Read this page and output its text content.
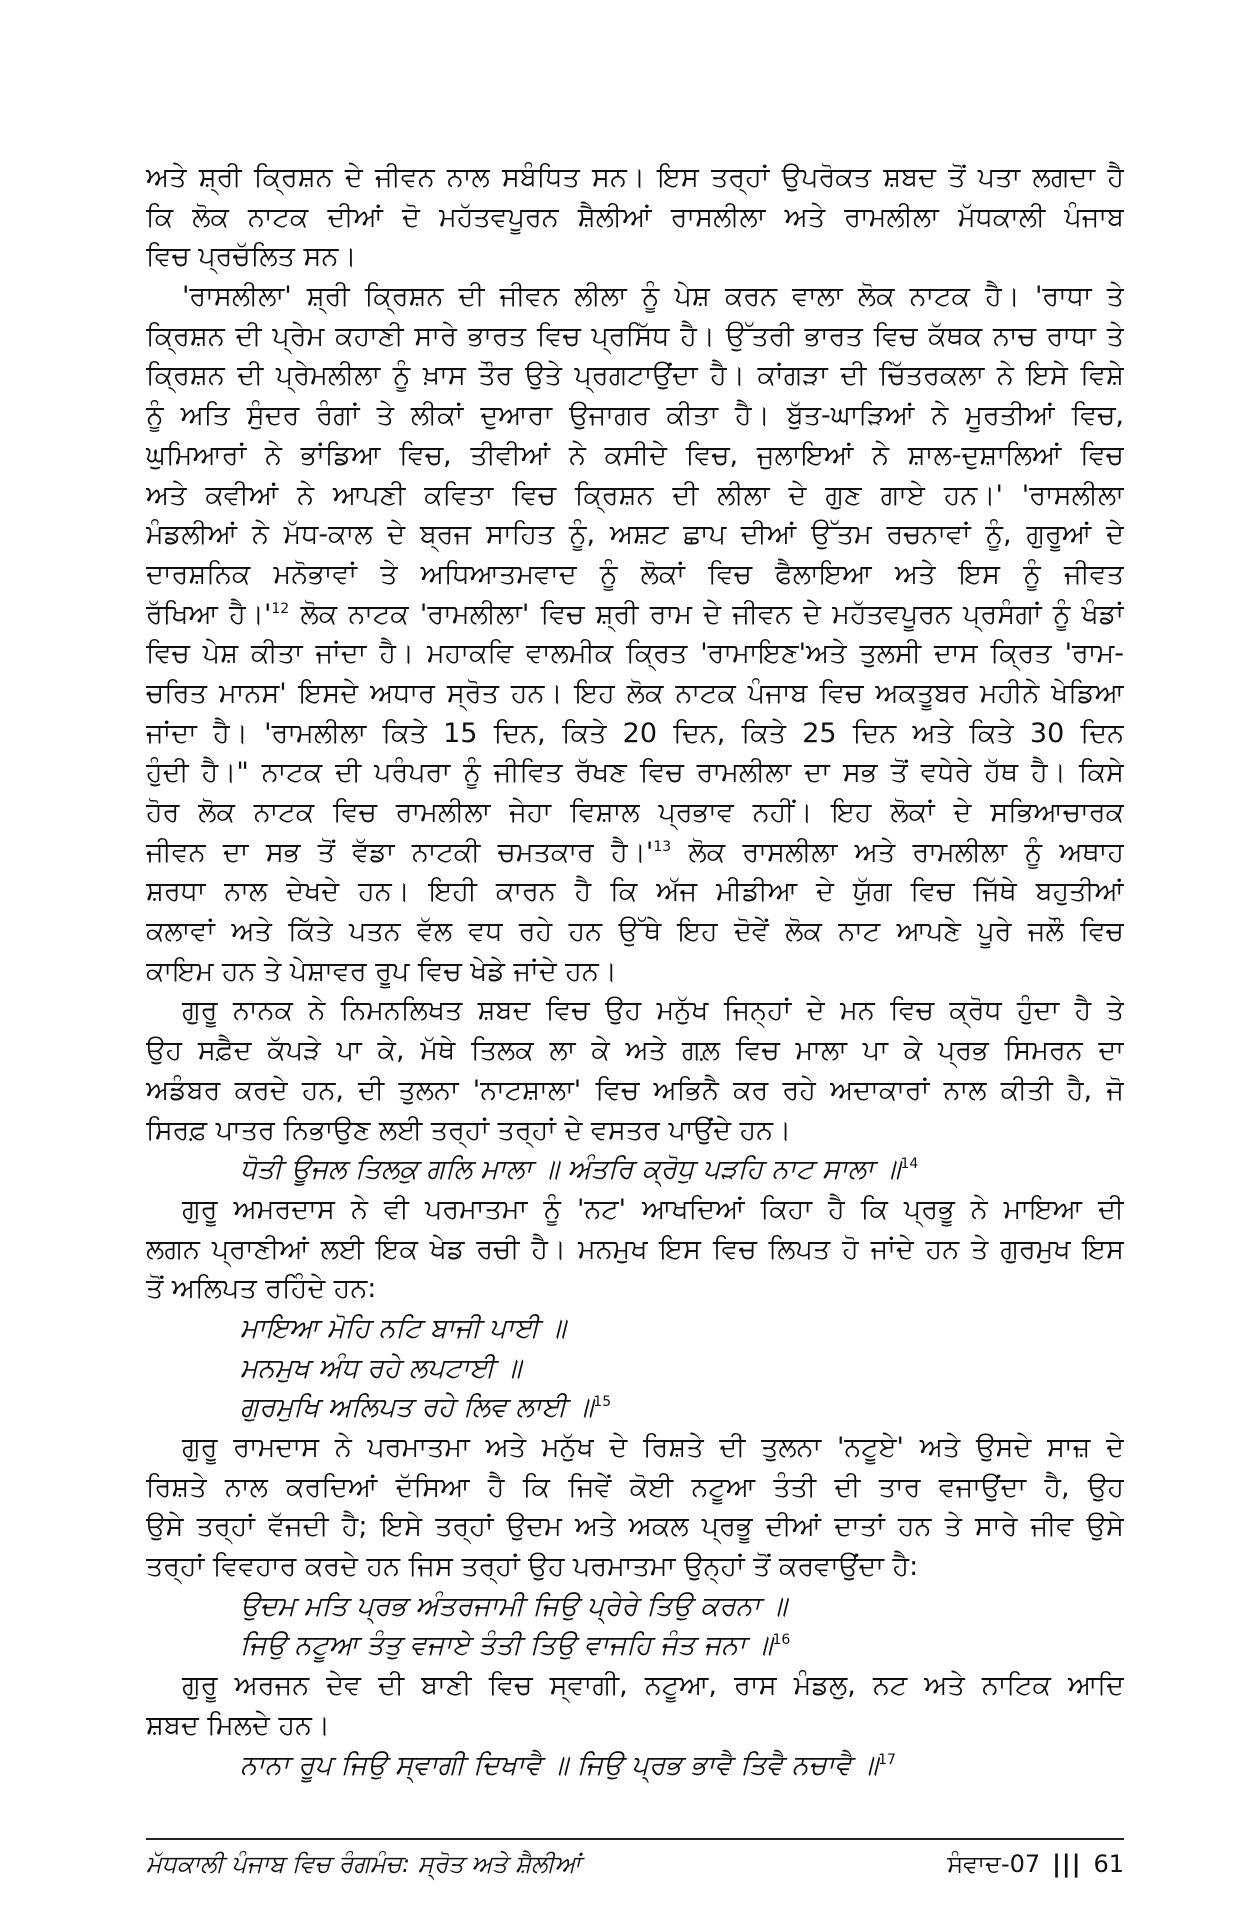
ਅਤੇ ਸ਼੍ਰੀ ਕ੍ਰਿਸ਼ਨ ਦੇ ਜੀਵਨ ਨਾਲ ਸਬੰਧਿਤ ਸਨ। ਇਸ ਤਰ੍ਹਾਂ ਉਪਰੋਕਤ ਸ਼ਬਦ ਤੋਂ ਪਤਾ ਲਗਦਾ ਹੈ
ਕਿ ਲੋਕ ਨਾਟਕ ਦੀਆਂ ਦੋ ਮਹੱਤਵਪੂਰਨ ਸ਼ੈਲੀਆਂ ਰਾਸਲੀਲਾ ਅਤੇ ਰਾਮਲੀਲਾ ਮੱਧਕਾਲੀ ਪੰਜਾਬ
ਵਿਚ ਪ੍ਰਚੱਲਿਤ ਸਨ।
'ਰਾਸਲੀਲਾ' ਸ਼੍ਰੀ ਕ੍ਰਿਸ਼ਨ ਦੀ ਜੀਵਨ ਲੀਲਾ ਨੂੰ ਪੇਸ਼ ਕਰਨ ਵਾਲਾ ਲੋਕ ਨਾਟਕ ਹੈ। 'ਰਾਧਾ ਤੇ
ਕ੍ਰਿਸ਼ਨ ਦੀ ਪ੍ਰੇਮ ਕਹਾਣੀ ਸਾਰੇ ਭਾਰਤ ਵਿਚ ਪ੍ਰਸਿੱਧ ਹੈ। ਉੱਤਰੀ ਭਾਰਤ ਵਿਚ ਕੱਥਕ ਨਾਚ ਰਾਧਾ ਤੇ
ਕ੍ਰਿਸ਼ਨ ਦੀ ਪ੍ਰੇਮਲੀਲਾ ਨੂੰ ਖ਼ਾਸ ਤੌਰ ਉਤੇ ਪ੍ਰਗਟਾਉਂਦਾ ਹੈ। ਕਾਂਗੜਾ ਦੀ ਚਿੱਤਰਕਲਾ ਨੇ ਇਸੇ ਵਿਸ਼ੇ
ਨੂੰ ਅਤਿ ਸੁੰਦਰ ਰੰਗਾਂ ਤੇ ਲੀਕਾਂ ਦੁਆਰਾ ਉਜਾਗਰ ਕੀਤਾ ਹੈ। ਬੁੱਤ-ਘਾੜਿਆਂ ਨੇ ਮੂਰਤੀਆਂ ਵਿਚ,
ਘੁਮਿਆਰਾਂ ਨੇ ਭਾਂਡਿਆ ਵਿਚ, ਤੀਵੀਆਂ ਨੇ ਕਸੀਦੇ ਵਿਚ, ਜੁਲਾਇਆਂ ਨੇ ਸ਼ਾਲ-ਦੁਸ਼ਾਲਿਆਂ ਵਿਚ
ਅਤੇ ਕਵੀਆਂ ਨੇ ਆਪਣੀ ਕਵਿਤਾ ਵਿਚ ਕ੍ਰਿਸ਼ਨ ਦੀ ਲੀਲਾ ਦੇ ਗੁਣ ਗਾਏ ਹਨ।' 'ਰਾਸਲੀਲਾ
ਮੰਡਲੀਆਂ ਨੇ ਮੱਧ-ਕਾਲ ਦੇ ਬ੍ਰਜ ਸਾਹਿਤ ਨੂੰ, ਅਸ਼ਟ ਛਾਪ ਦੀਆਂ ਉੱਤਮ ਰਚਨਾਵਾਂ ਨੂੰ, ਗੁਰੂਆਂ ਦੇ
ਦਾਰਸ਼ਨਿਕ ਮਨੋਭਾਵਾਂ ਤੇ ਅਧਿਆਤਮਵਾਦ ਨੂੰ ਲੋਕਾਂ ਵਿਚ ਫੈਲਾਇਆ ਅਤੇ ਇਸ ਨੂੰ ਜੀਵਤ
ਰੱਖਿਆ $ਹੈ।'^{12}$ ਲੋਕ ਨਾਟਕ 'ਰਾਮਲੀਲਾ' ਵਿਚ ਸ਼੍ਰੀ ਰਾਮ ਦੇ ਜੀਵਨ ਦੇ ਮਹੱਤਵਪੂਰਨ ਪ੍ਰਸੰਗਾਂ ਨੂੰ ਖੰਡਾਂ
ਵਿਚ ਪੇਸ਼ ਕੀਤਾ ਜਾਂਦਾ ਹੈ। ਮਹਾਕਵਿ ਵਾਲਮੀਕ ਕ੍ਰਿਤ 'ਰਾਮਾਇਣ'ਅਤੇ ਤੁਲਸੀ ਦਾਸ ਕ੍ਰਿਤ 'ਰਾਮ-
ਚਰਿਤ ਮਾਨਸ' ਇਸਦੇ ਅਧਾਰ ਸ੍ਰੋਤ ਹਨ। ਇਹ ਲੋਕ ਨਾਟਕ ਪੰਜਾਬ ਵਿਚ ਅਕਤੂਬਰ ਮਹੀਨੇ ਖੇਡਿਆ
ਜਾਂਦਾ ਹੈ। 'ਰਾਮਲੀਲਾ ਕਿਤੇ 15 ਦਿਨ, ਕਿਤੇ 20 ਦਿਨ, ਕਿਤੇ 25 ਦਿਨ ਅਤੇ ਕਿਤੇ 30 ਦਿਨ
ਹੁੰਦੀ ਹੈ।" ਨਾਟਕ ਦੀ ਪਰੰਪਰਾ ਨੂੰ ਜੀਵਿਤ ਰੱਖਣ ਵਿਚ ਰਾਮਲੀਲਾ ਦਾ ਸਭ ਤੋਂ ਵਧੇਰੇ ਹੱਥ ਹੈ। ਕਿਸੇ
ਹੋਰ ਲੋਕ ਨਾਟਕ ਵਿਚ ਰਾਮਲੀਲਾ ਜੇਹਾ ਵਿਸ਼ਾਲ ਪ੍ਰਭਾਵ ਨਹੀਂ। ਇਹ ਲੋਕਾਂ ਦੇ ਸਭਿਆਚਾਰਕ
ਜੀਵਨ ਦਾ ਸਭ ਤੋਂ ਵੱਡਾ ਨਾਟਕੀ ਚਮਤਕਾਰ $ਹੈ।'^{13}$ ਲੋਕ ਰਾਸਲੀਲਾ ਅਤੇ ਰਾਮਲੀਲਾ ਨੂੰ ਅਥਾਹ
ਸ਼ਰਧਾ ਨਾਲ ਦੇਖਦੇ ਹਨ। ਇਹੀ ਕਾਰਨ ਹੈ ਕਿ ਅੱਜ ਮੀਡੀਆ ਦੇ ਯੁੱਗ ਵਿਚ ਜਿੱਥੇ ਬਹੁਤੀਆਂ
ਕਲਾਵਾਂ ਅਤੇ ਕਿੱਤੇ ਪਤਨ ਵੱਲ ਵਧ ਰਹੇ ਹਨ ਉੱਥੇ ਇਹ ਦੋਵੇਂ ਲੋਕ ਨਾਟ ਆਪਣੇ ਪੂਰੇ ਜਲੌ ਵਿਚ
ਕਾਇਮ ਹਨ ਤੇ ਪੇਸ਼ਾਵਰ ਰੂਪ ਵਿਚ ਖੇਡੇ ਜਾਂਦੇ ਹਨ।
ਗੁਰੂ ਨਾਨਕ ਨੇ ਨਿਮਨਲਿਖਤ ਸ਼ਬਦ ਵਿਚ ਉਹ ਮਨੁੱਖ ਜਿਨ੍ਹਾਂ ਦੇ ਮਨ ਵਿਚ ਕ੍ਰੋਧ ਹੁੰਦਾ ਹੈ ਤੇ
ਉਹ ਸਫ਼ੈਦ ਕੱਪੜੇ ਪਾ ਕੇ, ਮੱਥੇ ਤਿਲਕ ਲਾ ਕੇ ਅਤੇ ਗਲ਼ ਵਿਚ ਮਾਲਾ ਪਾ ਕੇ ਪ੍ਰਭ ਸਿਮਰਨ ਦਾ
ਅਡੰਬਰ ਕਰਦੇ ਹਨ, ਦੀ ਤੁਲਨਾ 'ਨਾਟਸ਼ਾਲਾ' ਵਿਚ ਅਭਿਨੈ ਕਰ ਰਹੇ ਅਦਾਕਾਰਾਂ ਨਾਲ ਕੀਤੀ ਹੈ, ਜੋ
ਸਿਰਫ਼ ਪਾਤਰ ਨਿਭਾਉਣ ਲਈ ਤਰ੍ਹਾਂ ਤਰ੍ਹਾਂ ਦੇ ਵਸਤਰ ਪਾਉਂਦੇ ਹਨ।
ਧੋਤੀ ਊਜਲ ਤਿਲਕੁ ਗਲਿ ਮਾਲਾ ॥ ਅੰਤਰਿ ਕ੍ਰੋਧੁ ਪੜਹਿ ਨਾਟ ਸਾਲਾ ॥$^{14}$
ਗੁਰੂ ਅਮਰਦਾਸ ਨੇ ਵੀ ਪਰਮਾਤਮਾ ਨੂੰ 'ਨਟ' ਆਖਦਿਆਂ ਕਿਹਾ ਹੈ ਕਿ ਪ੍ਰਭੂ ਨੇ ਮਾਇਆ ਦੀ
ਲਗਨ ਪ੍ਰਾਣੀਆਂ ਲਈ ਇਕ ਖੇਡ ਰਚੀ ਹੈ। ਮਨਮੁਖ ਇਸ ਵਿਚ ਲਿਪਤ ਹੋ ਜਾਂਦੇ ਹਨ ਤੇ ਗੁਰਮੁਖ ਇਸ
ਤੋਂ ਅਲਿਪਤ ਰਹਿੰਦੇ ਹਨ:
ਮਾਇਆ ਮੋਹਿ ਨਟਿ ਬਾਜੀ ਪਾਈ ॥
ਮਨਮੁਖ ਅੰਧ ਰਹੇ ਲਪਟਾਈ ॥
ਗੁਰਮੁਖਿ ਅਲਿਪਤ ਰਹੇ ਲਿਵ ਲਾਈ ॥$^{15}$
ਗੁਰੂ ਰਾਮਦਾਸ ਨੇ ਪਰਮਾਤਮਾ ਅਤੇ ਮਨੁੱਖ ਦੇ ਰਿਸ਼ਤੇ ਦੀ ਤੁਲਨਾ 'ਨਟੂਏ' ਅਤੇ ਉਸਦੇ ਸਾਜ਼ ਦੇ
ਰਿਸ਼ਤੇ ਨਾਲ ਕਰਦਿਆਂ ਦੱਸਿਆ ਹੈ ਕਿ ਜਿਵੇਂ ਕੋਈ ਨਟੂਆ ਤੰਤੀ ਦੀ ਤਾਰ ਵਜਾਉਂਦਾ ਹੈ, ਉਹ
ਉਸੇ ਤਰ੍ਹਾਂ ਵੱਜਦੀ ਹੈ; ਇਸੇ ਤਰ੍ਹਾਂ ਉਦਮ ਅਤੇ ਅਕਲ ਪ੍ਰਭੂ ਦੀਆਂ ਦਾਤਾਂ ਹਨ ਤੇ ਸਾਰੇ ਜੀਵ ਉਸੇ
ਤਰ੍ਹਾਂ ਵਿਵਹਾਰ ਕਰਦੇ ਹਨ ਜਿਸ ਤਰ੍ਹਾਂ ਉਹ ਪਰਮਾਤਮਾ ਉਨ੍ਹਾਂ ਤੋਂ ਕਰਵਾਉਂਦਾ ਹੈ:
ਉਦਮ ਮਤਿ ਪ੍ਰਭ ਅੰਤਰਜਾਮੀ ਜਿਉ ਪ੍ਰੇਰੇ ਤਿਉ ਕਰਨਾ ॥
ਜਿਉ ਨਟੂਆ ਤੰਤੁ ਵਜਾਏ ਤੰਤੀ ਤਿਉ ਵਾਜਹਿ ਜੰਤ ਜਨਾ ॥$^{16}$
ਗੁਰੂ ਅਰਜਨ ਦੇਵ ਦੀ ਬਾਣੀ ਵਿਚ ਸ੍ਵਾਗੀ, ਨਟੂਆ, ਰਾਸ ਮੰਡਲੁ, ਨਟ ਅਤੇ ਨਾਟਿਕ ਆਦਿ
ਸ਼ਬਦ ਮਿਲਦੇ ਹਨ।
ਨਾਨਾ ਰੂਪ ਜਿਉ ਸ੍ਵਾਗੀ ਦਿਖਾਵੈ ॥ ਜਿਉ ਪ੍ਰਭ ਭਾਵੈ ਤਿਵੈ ਨਚਾਵੈ ॥$^{17}$
ਮੱਧਕਾਲੀ ਪੰਜਾਬ ਵਿਚ ਰੰਗਮੰਚ: ਸ੍ਰੋਤ ਅਤੇ ਸ਼ੈਲੀਆਂ	ਸੰਵਾਦ-07 ||| 61
